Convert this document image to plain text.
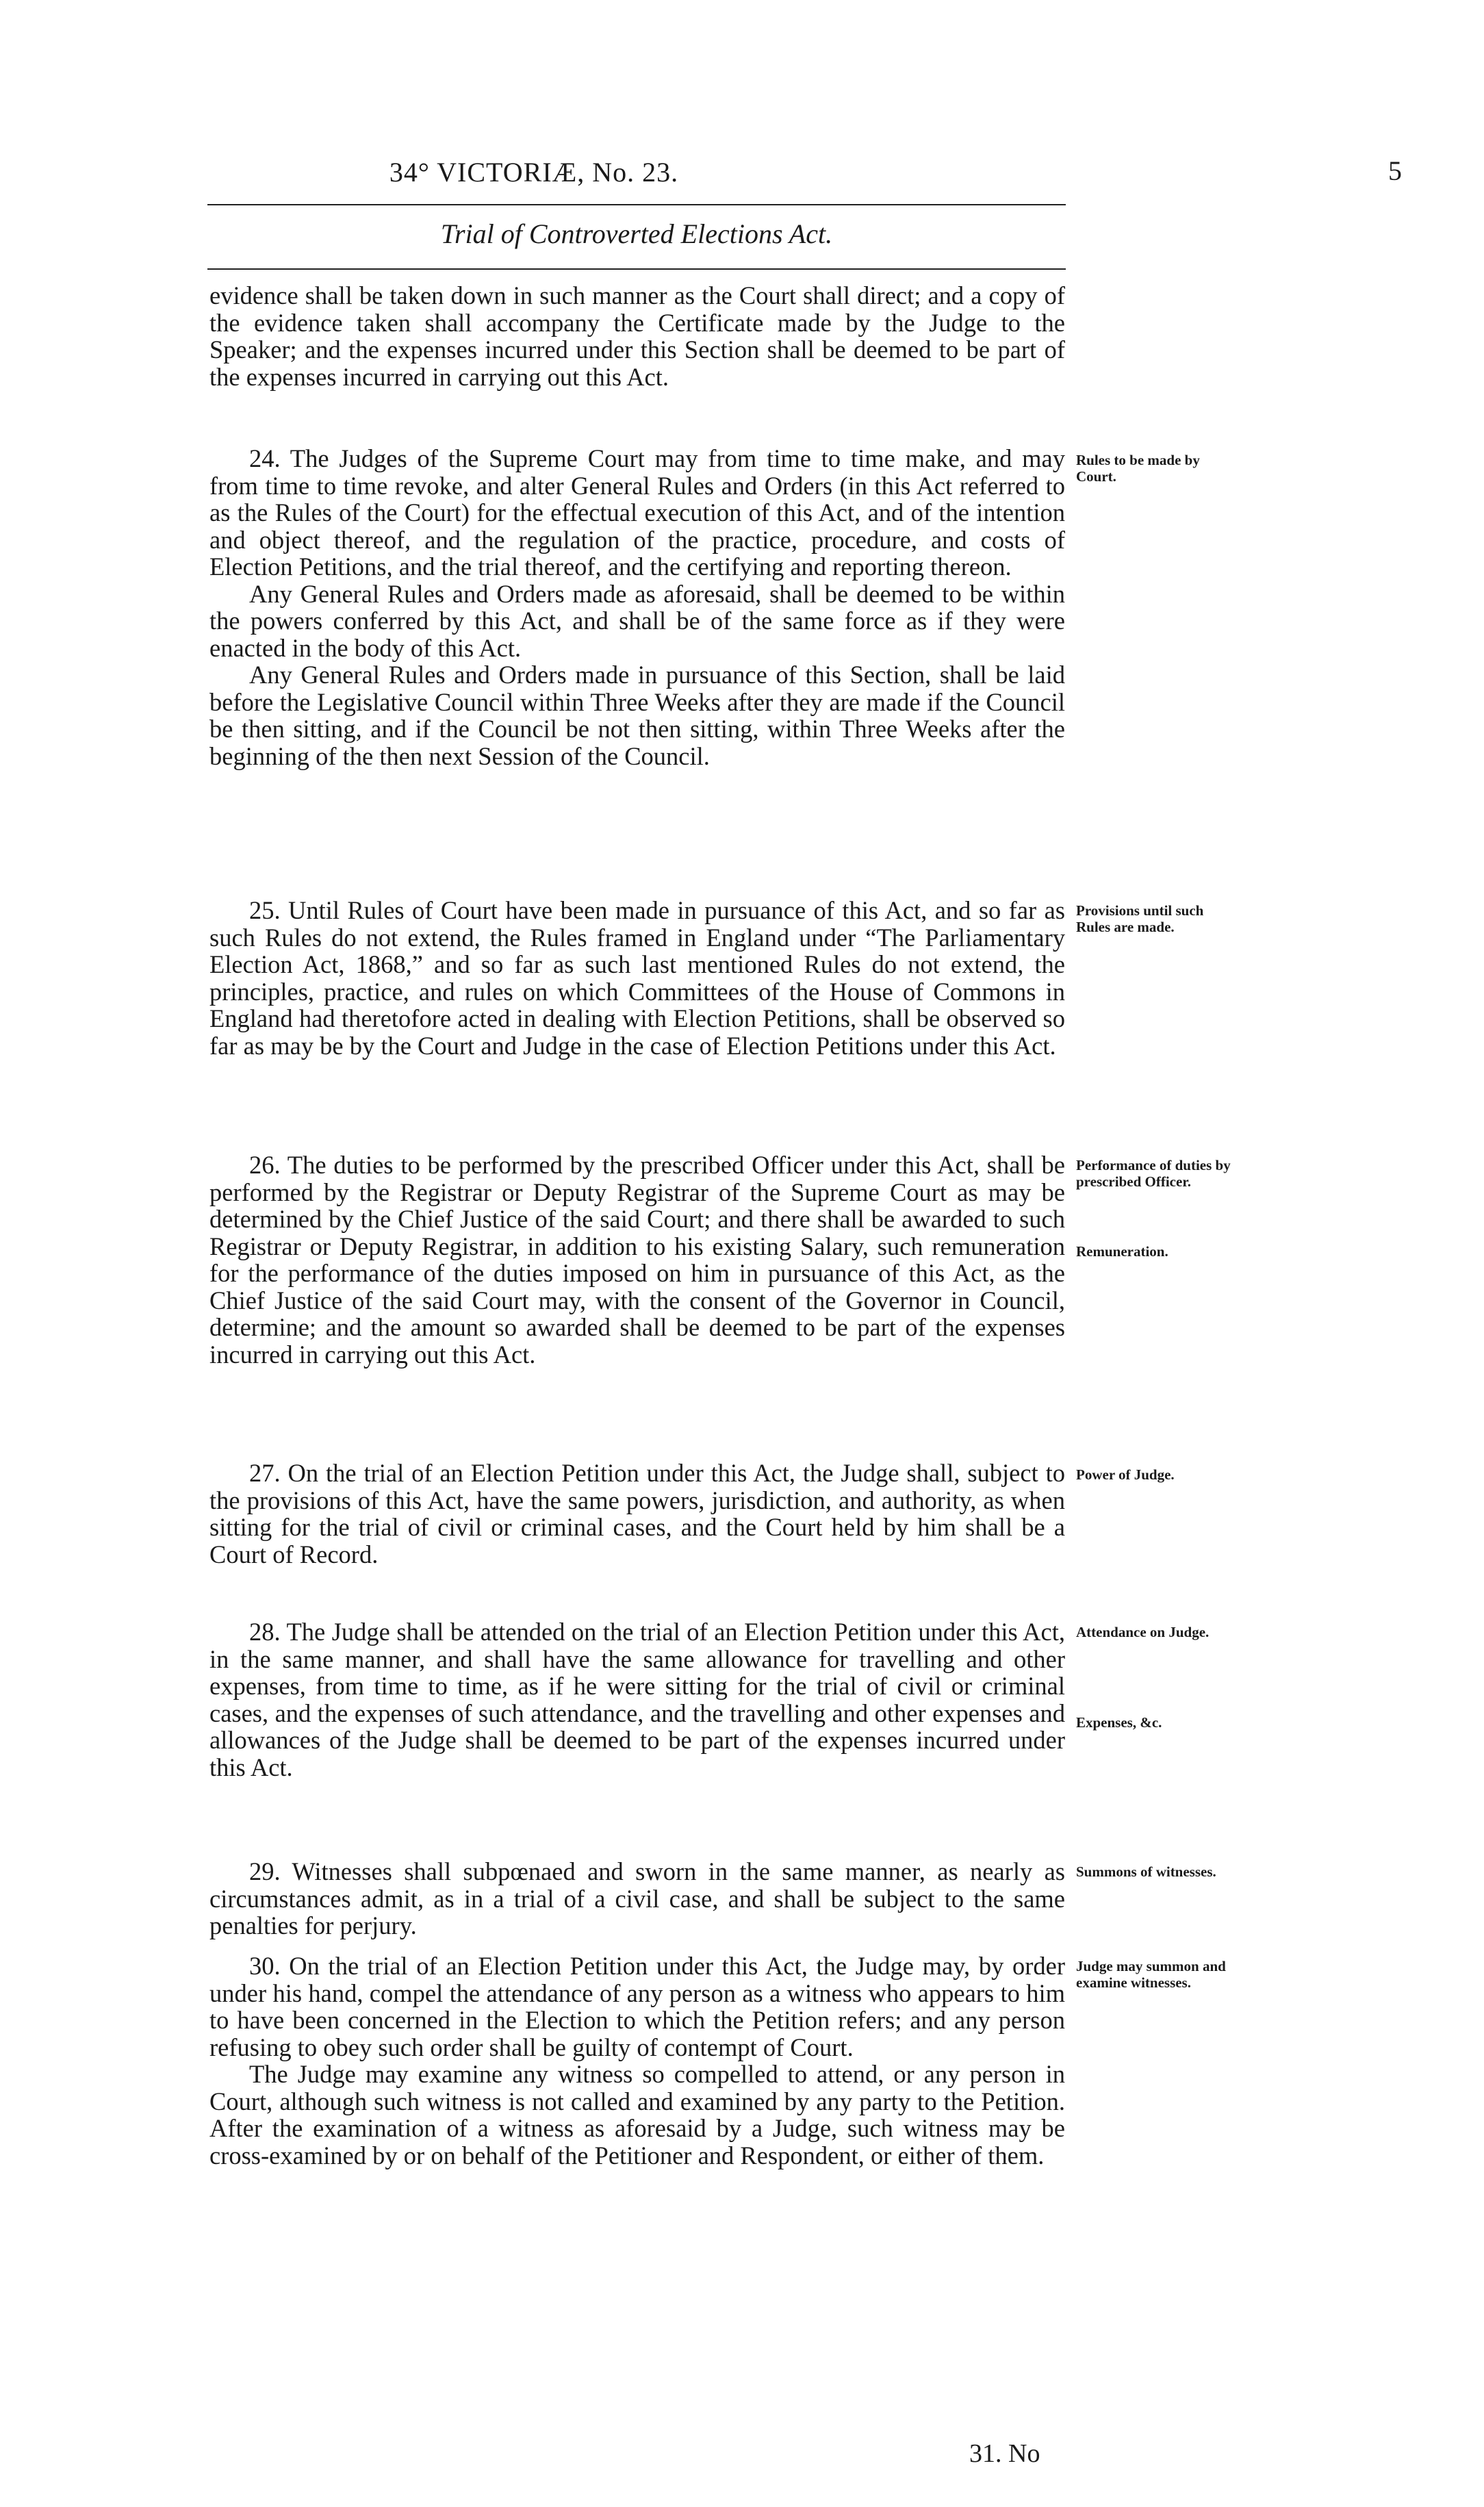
34° VICTORIÆ, No. 23.	5
Trial of Controverted Elections Act.

evidence shall be taken down in such manner as the Court shall direct; and a copy of the evidence taken shall accompany the Certificate made by the Judge to the Speaker; and the expenses incurred under this Section shall be deemed to be part of the expenses incurred in carrying out this Act.

24. The Judges of the Supreme Court may from time to time make, and may from time to time revoke, and alter General Rules and Orders (in this Act referred to as the Rules of the Court) for the effectual execution of this Act, and of the intention and object thereof, and the regulation of the practice, procedure, and costs of Election Petitions, and the trial thereof, and the certifying and reporting thereon.

Any General Rules and Orders made as aforesaid, shall be deemed to be within the powers conferred by this Act, and shall be of the same force as if they were enacted in the body of this Act.

Any General Rules and Orders made in pursuance of this Section, shall be laid before the Legislative Council within Three Weeks after they are made if the Council be then sitting, and if the Council be not then sitting, within Three Weeks after the beginning of the then next Session of the Council.

Rules to be made by Court.

25. Until Rules of Court have been made in pursuance of this Act, and so far as such Rules do not extend, the Rules framed in England under “The Parliamentary Election Act, 1868,” and so far as such last mentioned Rules do not extend, the principles, practice, and rules on which Committees of the House of Commons in England had theretofore acted in dealing with Election Petitions, shall be observed so far as may be by the Court and Judge in the case of Election Petitions under this Act.

Provisions until such Rules are made.

26. The duties to be performed by the prescribed Officer under this Act, shall be performed by the Registrar or Deputy Registrar of the Supreme Court as may be determined by the Chief Justice of the said Court; and there shall be awarded to such Registrar or Deputy Registrar, in addition to his existing Salary, such remuneration for the performance of the duties imposed on him in pursuance of this Act, as the Chief Justice of the said Court may, with the consent of the Governor in Council, determine; and the amount so awarded shall be deemed to be part of the expenses incurred in carrying out this Act.

Performance of duties by prescribed Officer.
Remuneration.

27. On the trial of an Election Petition under this Act, the Judge shall, subject to the provisions of this Act, have the same powers, jurisdiction, and authority, as when sitting for the trial of civil or criminal cases, and the Court held by him shall be a Court of Record.

Power of Judge.

28. The Judge shall be attended on the trial of an Election Petition under this Act, in the same manner, and shall have the same allowance for travelling and other expenses, from time to time, as if he were sitting for the trial of civil or criminal cases, and the expenses of such attendance, and the travelling and other expenses and allowances of the Judge shall be deemed to be part of the expenses incurred under this Act.

Attendance on Judge.
Expenses, &c.

29. Witnesses shall subpœnaed and sworn in the same manner, as nearly as circumstances admit, as in a trial of a civil case, and shall be subject to the same penalties for perjury.

Summons of witnesses.

30. On the trial of an Election Petition under this Act, the Judge may, by order under his hand, compel the attendance of any person as a witness who appears to him to have been concerned in the Election to which the Petition refers; and any person refusing to obey such order shall be guilty of contempt of Court.

The Judge may examine any witness so compelled to attend, or any person in Court, although such witness is not called and examined by any party to the Petition. After the examination of a witness as aforesaid by a Judge, such witness may be cross-examined by or on behalf of the Petitioner and Respondent, or either of them.

Judge may summon and examine witnesses.
31. No
